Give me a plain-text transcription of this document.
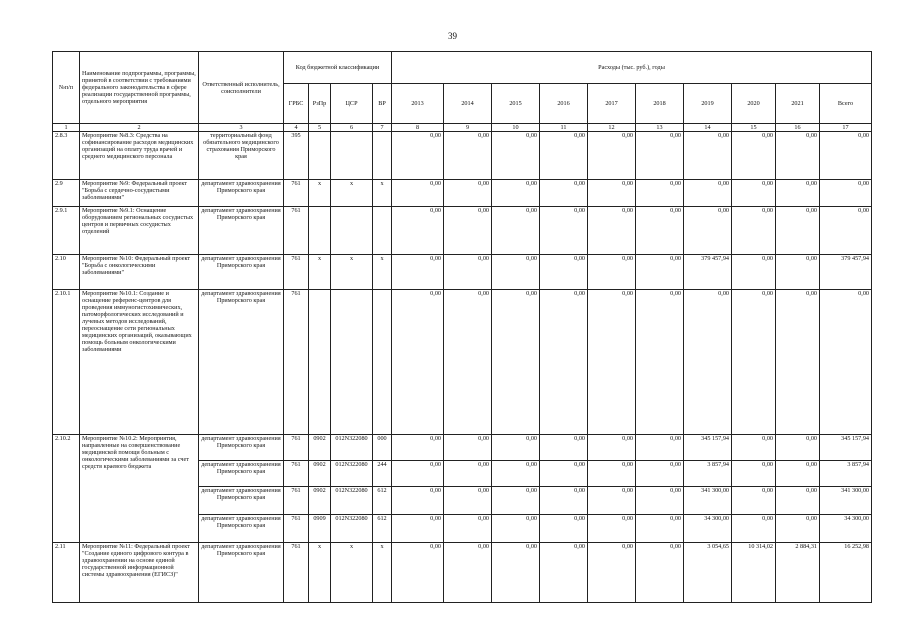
39
№п/п	Наименование подпрограммы, программы, принятой в соответствии с требованиями федерального законодательства в сфере реализации государственной программы, отдельного мероприятия	Ответственный исполнитель, соисполнители	Код бюджетной классификации				Расходы (тыс. руб.), годы									
			ГРБС	РзПр	ЦСР	ВР	2013	2014	2015	2016	2017	2018	2019	2020	2021	Всего
1	2	3	4	5	6	7	8	9	10	11	12	13	14	15	16	17
2.8.3	Мероприятие №8.3: Средства на софинансирование расходов медицинских организаций на оплату труда врачей и среднего медицинского персонала	территориальный фонд обязательного медицинского страхования Приморского края	395				0,00	0,00	0,00	0,00	0,00	0,00	0,00	0,00	0,00	0,00
2.9	Мероприятие №9: Федеральный проект "Борьба с сердечно-сосудистыми заболеваниями"	департамент здравоохранения Приморского края	761	x	x	x	0,00	0,00	0,00	0,00	0,00	0,00	0,00	0,00	0,00	0,00
2.9.1	Мероприятие №9.1: Оснащение оборудованием региональных сосудистых центров и первичных сосудистых отделений	департамент здравоохранения Приморского края	761				0,00	0,00	0,00	0,00	0,00	0,00	0,00	0,00	0,00	0,00
2.10	Мероприятие №10: Федеральный проект "Борьба с онкологическими заболеваниями"	департамент здравоохранения Приморского края	761	x	x	x	0,00	0,00	0,00	0,00	0,00	0,00	379 457,94	0,00	0,00	379 457,94
2.10.1	Мероприятие №10.1: Создание и оснащение референс-центров для проведения иммуногистохимических, патоморфологических исследований и лучевых методов исследований, переоснащение сети региональных медицинских организаций, оказывающих помощь больным онкологическими заболеваниями	департамент здравоохранения Приморского края	761				0,00	0,00	0,00	0,00	0,00	0,00	0,00	0,00	0,00	0,00
2.10.2	Мероприятие №10.2: Мероприятия, направленные на совершенствование медицинской помощи больным с онкологическими заболеваниями за счет средств краевого бюджета	департамент здравоохранения Приморского края	761	0902	012N322080	000	0,00	0,00	0,00	0,00	0,00	0,00	345 157,94	0,00	0,00	345 157,94
		департамент здравоохранения Приморского края	761	0902	012N322080	244	0,00	0,00	0,00	0,00	0,00	0,00	3 857,94	0,00	0,00	3 857,94
		департамент здравоохранения Приморского края	761	0902	012N322080	612	0,00	0,00	0,00	0,00	0,00	0,00	341 300,00	0,00	0,00	341 300,00
		департамент здравоохранения Приморского края	761	0909	012N322080	612	0,00	0,00	0,00	0,00	0,00	0,00	34 300,00	0,00	0,00	34 300,00
2.11	Мероприятие №11: Федеральный проект "Создание единого цифрового контура в здравоохранении на основе единой государственной информационной системы здравоохранения (ЕГИСЗ)"	департамент здравоохранения Приморского края	761	x	x	x	0,00	0,00	0,00	0,00	0,00	0,00	3 054,65	10 314,02	2 884,31	16 252,98
